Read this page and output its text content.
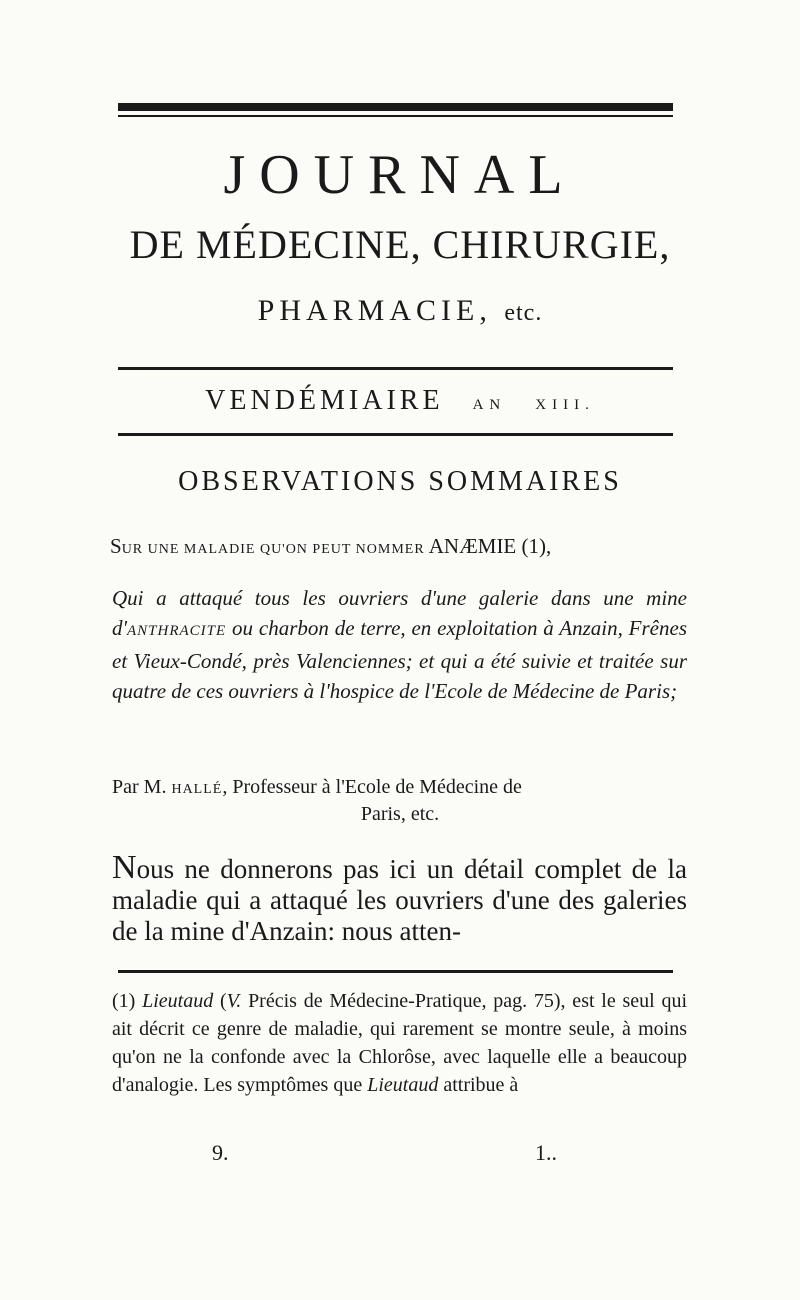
JOURNAL
DE MÉDECINE, CHIRURGIE,
PHARMACIE, etc.
VENDÉMIAIRE AN XIII.
OBSERVATIONS SOMMAIRES
SUR UNE MALADIE QU'ON PEUT NOMMER ANÆMIE (1),
Qui a attaqué tous les ouvriers d'une galerie dans une mine d'ANTHRACITE ou charbon de terre, en exploitation à Anzain, Frênes et Vieux-Condé, près Valenciennes; et qui a été suivie et traitée sur quatre de ces ouvriers à l'hospice de l'Ecole de Médecine de Paris;
Par M. HALLÉ, Professeur à l'Ecole de Médecine de
Paris, etc.
Nous ne donnerons pas ici un détail complet de la maladie qui a attaqué les ouvriers d'une des galeries de la mine d'Anzain: nous atten-
(1) Lieutaud (V. Précis de Médecine-Pratique, pag. 75), est le seul qui ait décrit ce genre de maladie, qui rarement se montre seule, à moins qu'on ne la confonde avec la Chlorôse, avec laquelle elle a beaucoup d'analogie. Les symptômes que Lieutaud attribue à
9.	1..
